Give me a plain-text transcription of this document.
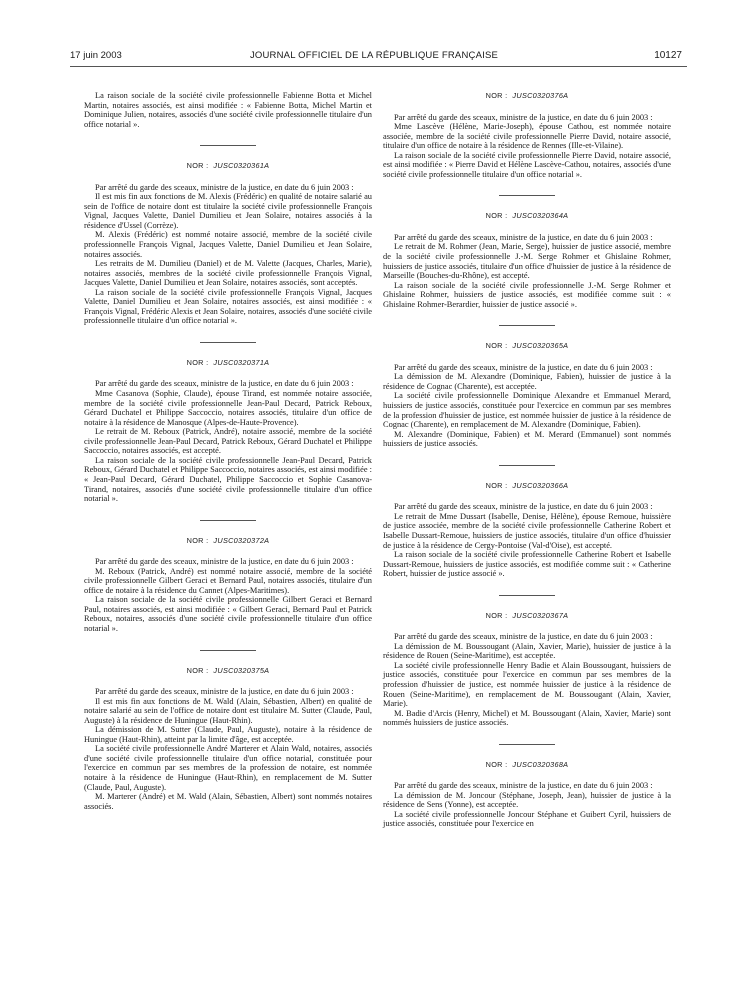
17 juin 2003	JOURNAL OFFICIEL DE LA RÉPUBLIQUE FRANÇAISE	10127

La raison sociale de la société civile professionnelle Fabienne Botta et Michel Martin, notaires associés, est ainsi modifiée : « Fabienne Botta, Michel Martin et Dominique Julien, notaires, associés d'une société civile professionnelle titulaire d'un office notarial ».

NOR : JUSC0320361A

Par arrêté du garde des sceaux, ministre de la justice, en date du 6 juin 2003 :

Il est mis fin aux fonctions de M. Alexis (Frédéric) en qualité de notaire salarié au sein de l'office de notaire dont est titulaire la société civile professionnelle François Vignal, Jacques Valette, Daniel Dumilieu et Jean Solaire, notaires associés à la résidence d'Ussel (Corrèze).

M. Alexis (Frédéric) est nommé notaire associé, membre de la société civile professionnelle François Vignal, Jacques Valette, Daniel Dumilieu et Jean Solaire, notaires associés.

Les retraits de M. Dumilieu (Daniel) et de M. Valette (Jacques, Charles, Marie), notaires associés, membres de la société civile professionnelle François Vignal, Jacques Valette, Daniel Dumilieu et Jean Solaire, notaires associés, sont acceptés.

La raison sociale de la société civile professionnelle François Vignal, Jacques Valette, Daniel Dumilieu et Jean Solaire, notaires associés, est ainsi modifiée : « François Vignal, Frédéric Alexis et Jean Solaire, notaires, associés d'une société civile professionnelle titulaire d'un office notarial ».

NOR : JUSC0320371A

Par arrêté du garde des sceaux, ministre de la justice, en date du 6 juin 2003 :

Mme Casanova (Sophie, Claude), épouse Tirand, est nommée notaire associée, membre de la société civile professionnelle Jean-Paul Decard, Patrick Reboux, Gérard Duchatel et Philippe Saccoccio, notaires associés, titulaire d'un office de notaire à la résidence de Manosque (Alpes-de-Haute-Provence).

Le retrait de M. Reboux (Patrick, André), notaire associé, membre de la société civile professionnelle Jean-Paul Decard, Patrick Reboux, Gérard Duchatel et Philippe Saccoccio, notaires associés, est accepté.

La raison sociale de la société civile professionnelle Jean-Paul Decard, Patrick Reboux, Gérard Duchatel et Philippe Saccoccio, notaires associés, est ainsi modifiée : « Jean-Paul Decard, Gérard Duchatel, Philippe Saccoccio et Sophie Casanova-Tirand, notaires, associés d'une société civile professionnelle titulaire d'un office notarial ».

NOR : JUSC0320372A

Par arrêté du garde des sceaux, ministre de la justice, en date du 6 juin 2003 :

M. Reboux (Patrick, André) est nommé notaire associé, membre de la société civile professionnelle Gilbert Geraci et Bernard Paul, notaires associés, titulaire d'un office de notaire à la résidence du Cannet (Alpes-Maritimes).

La raison sociale de la société civile professionnelle Gilbert Geraci et Bernard Paul, notaires associés, est ainsi modifiée : « Gilbert Geraci, Bernard Paul et Patrick Reboux, notaires, associés d'une société civile professionnelle titulaire d'un office notarial ».

NOR : JUSC0320375A

Par arrêté du garde des sceaux, ministre de la justice, en date du 6 juin 2003 :

Il est mis fin aux fonctions de M. Wald (Alain, Sébastien, Albert) en qualité de notaire salarié au sein de l'office de notaire dont est titulaire M. Sutter (Claude, Paul, Auguste) à la résidence de Huningue (Haut-Rhin).

La démission de M. Sutter (Claude, Paul, Auguste), notaire à la résidence de Huningue (Haut-Rhin), atteint par la limite d'âge, est acceptée.

La société civile professionnelle André Marterer et Alain Wald, notaires, associés d'une société civile professionnelle titulaire d'un office notarial, constituée pour l'exercice en commun par ses membres de la profession de notaire, est nommée notaire à la résidence de Huningue (Haut-Rhin), en remplacement de M. Sutter (Claude, Paul, Auguste).

M. Marterer (André) et M. Wald (Alain, Sébastien, Albert) sont nommés notaires associés.

NOR : JUSC0320376A

Par arrêté du garde des sceaux, ministre de la justice, en date du 6 juin 2003 :

Mme Lascève (Hélène, Marie-Joseph), épouse Cathou, est nommée notaire associée, membre de la société civile professionnelle Pierre David, notaire associé, titulaire d'un office de notaire à la résidence de Rennes (Ille-et-Vilaine).

La raison sociale de la société civile professionnelle Pierre David, notaire associé, est ainsi modifiée : « Pierre David et Hélène Lascève-Cathou, notaires, associés d'une société civile professionnelle titulaire d'un office notarial ».

NOR : JUSC0320364A

Par arrêté du garde des sceaux, ministre de la justice, en date du 6 juin 2003 :

Le retrait de M. Rohmer (Jean, Marie, Serge), huissier de justice associé, membre de la société civile professionnelle J.-M. Serge Rohmer et Ghislaine Rohmer, huissiers de justice associés, titulaire d'un office d'huissier de justice à la résidence de Marseille (Bouches-du-Rhône), est accepté.

La raison sociale de la société civile professionnelle J.-M. Serge Rohmer et Ghislaine Rohmer, huissiers de justice associés, est modifiée comme suit : « Ghislaine Rohmer-Berardier, huissier de justice associé ».

NOR : JUSC0320365A

Par arrêté du garde des sceaux, ministre de la justice, en date du 6 juin 2003 :

La démission de M. Alexandre (Dominique, Fabien), huissier de justice à la résidence de Cognac (Charente), est acceptée.

La société civile professionnelle Dominique Alexandre et Emmanuel Merard, huissiers de justice associés, constituée pour l'exercice en commun par ses membres de la profession d'huissier de justice, est nommée huissier de justice à la résidence de Cognac (Charente), en remplacement de M. Alexandre (Dominique, Fabien).

M. Alexandre (Dominique, Fabien) et M. Merard (Emmanuel) sont nommés huissiers de justice associés.

NOR : JUSC0320366A

Par arrêté du garde des sceaux, ministre de la justice, en date du 6 juin 2003 :

Le retrait de Mme Dussart (Isabelle, Denise, Hélène), épouse Remoue, huissière de justice associée, membre de la société civile professionnelle Catherine Robert et Isabelle Dussart-Remoue, huissiers de justice associés, titulaire d'un office d'huissier de justice à la résidence de Cergy-Pontoise (Val-d'Oise), est accepté.

La raison sociale de la société civile professionnelle Catherine Robert et Isabelle Dussart-Remoue, huissiers de justice associés, est modifiée comme suit : « Catherine Robert, huissier de justice associé ».

NOR : JUSC0320367A

Par arrêté du garde des sceaux, ministre de la justice, en date du 6 juin 2003 :

La démission de M. Boussougant (Alain, Xavier, Marie), huissier de justice à la résidence de Rouen (Seine-Maritime), est acceptée.

La société civile professionnelle Henry Badie et Alain Boussougant, huissiers de justice associés, constituée pour l'exercice en commun par ses membres de la profession d'huissier de justice, est nommée huissier de justice à la résidence de Rouen (Seine-Maritime), en remplacement de M. Boussougant (Alain, Xavier, Marie).

M. Badie d'Arcis (Henry, Michel) et M. Boussougant (Alain, Xavier, Marie) sont nommés huissiers de justice associés.

NOR : JUSC0320368A

Par arrêté du garde des sceaux, ministre de la justice, en date du 6 juin 2003 :

La démission de M. Joncour (Stéphane, Joseph, Jean), huissier de justice à la résidence de Sens (Yonne), est acceptée.

La société civile professionnelle Joncour Stéphane et Guibert Cyril, huissiers de justice associés, constituée pour l'exercice en
